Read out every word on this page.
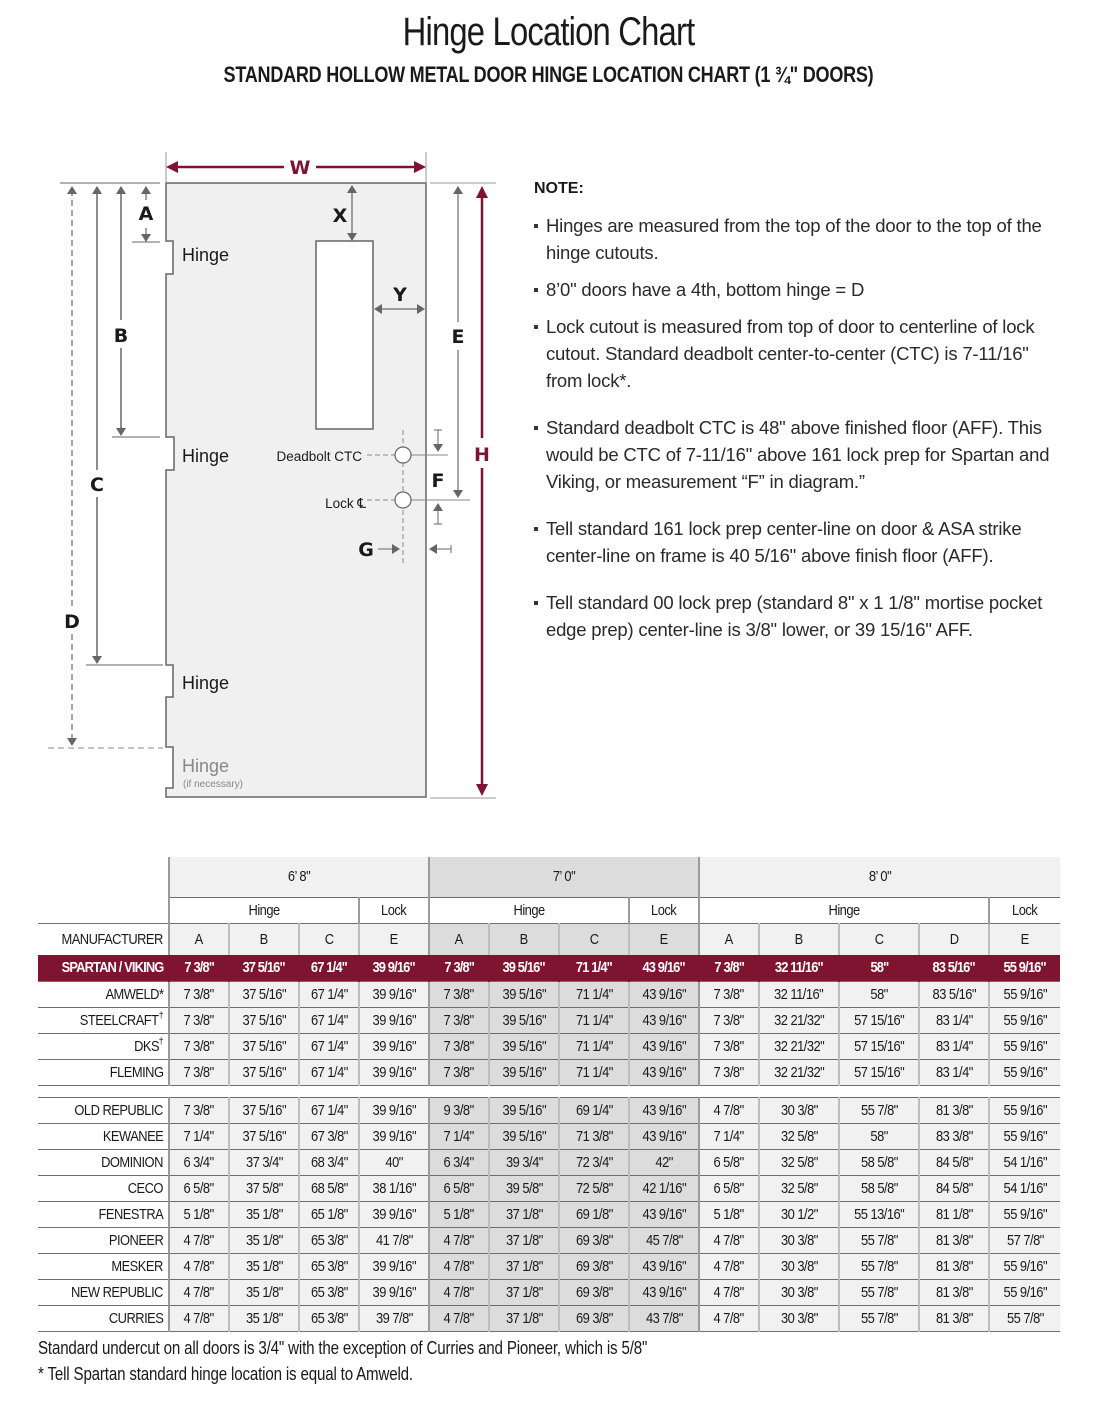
Hinge Location Chart
STANDARD HOLLOW METAL DOOR HINGE LOCATION CHART (1 ¾" DOORS)
W
A
B
C
D
X
Y
E
F
G
H
Hinge
Hinge
Hinge
Hinge
(if necessary)
Deadbolt CTC
Lock ℄
NOTE:
Hinges are measured from the top of the door to the top of the hinge cutouts.
8’0" doors have a 4th, bottom hinge = D
Lock cutout is measured from top of door to centerline of lock cutout. Standard deadbolt center-to-center (CTC) is 7-11/16" from lock*.
Standard deadbolt CTC is 48" above finished floor (AFF). This would be CTC of 7-11/16" above 161 lock prep for Spartan and Viking, or measurement “F” in diagram.”
Tell standard 161 lock prep center-line on door & ASA strike center-line on frame is 40 5/16" above finish floor (AFF).
Tell standard 00 lock prep (standard 8" x 1 1/8" mortise pocket edge prep) center-line is 3/8" lower, or 39 15/16" AFF.
	6’ 8"				7’ 0"				8’ 0"				
	Hinge			Lock	Hinge			Lock	Hinge				Lock
MANUFACTURER	A	B	C	E	A	B	C	E	A	B	C	D	E
SPARTAN / VIKING	7 3/8"	37 5/16"	67 1/4"	39 9/16"	7 3/8"	39 5/16"	71 1/4"	43 9/16"	7 3/8"	32 11/16"	58"	83 5/16"	55 9/16"
AMWELD*	7 3/8"	37 5/16"	67 1/4"	39 9/16"	7 3/8"	39 5/16"	71 1/4"	43 9/16"	7 3/8"	32 11/16"	58"	83 5/16"	55 9/16"
STEELCRAFT†	7 3/8"	37 5/16"	67 1/4"	39 9/16"	7 3/8"	39 5/16"	71 1/4"	43 9/16"	7 3/8"	32 21/32"	57 15/16"	83 1/4"	55 9/16"
DKS†	7 3/8"	37 5/16"	67 1/4"	39 9/16"	7 3/8"	39 5/16"	71 1/4"	43 9/16"	7 3/8"	32 21/32"	57 15/16"	83 1/4"	55 9/16"
FLEMING	7 3/8"	37 5/16"	67 1/4"	39 9/16"	7 3/8"	39 5/16"	71 1/4"	43 9/16"	7 3/8"	32 21/32"	57 15/16"	83 1/4"	55 9/16"

OLD REPUBLIC	7 3/8"	37 5/16"	67 1/4"	39 9/16"	9 3/8"	39 5/16"	69 1/4"	43 9/16"	4 7/8"	30 3/8"	55 7/8"	81 3/8"	55 9/16"
KEWANEE	7 1/4"	37 5/16"	67 3/8"	39 9/16"	7 1/4"	39 5/16"	71 3/8"	43 9/16"	7 1/4"	32 5/8"	58"	83 3/8"	55 9/16"
DOMINION	6 3/4"	37 3/4"	68 3/4"	40"	6 3/4"	39 3/4"	72 3/4"	42"	6 5/8"	32 5/8"	58 5/8"	84 5/8"	54 1/16"
CECO	6 5/8"	37 5/8"	68 5/8"	38 1/16"	6 5/8"	39 5/8"	72 5/8"	42 1/16"	6 5/8"	32 5/8"	58 5/8"	84 5/8"	54 1/16"
FENESTRA	5 1/8"	35 1/8"	65 1/8"	39 9/16"	5 1/8"	37 1/8"	69 1/8"	43 9/16"	5 1/8"	30 1/2"	55 13/16"	81 1/8"	55 9/16"
PIONEER	4 7/8"	35 1/8"	65 3/8"	41 7/8"	4 7/8"	37 1/8"	69 3/8"	45 7/8"	4 7/8"	30 3/8"	55 7/8"	81 3/8"	57 7/8"
MESKER	4 7/8"	35 1/8"	65 3/8"	39 9/16"	4 7/8"	37 1/8"	69 3/8"	43 9/16"	4 7/8"	30 3/8"	55 7/8"	81 3/8"	55 9/16"
NEW REPUBLIC	4 7/8"	35 1/8"	65 3/8"	39 9/16"	4 7/8"	37 1/8"	69 3/8"	43 9/16"	4 7/8"	30 3/8"	55 7/8"	81 3/8"	55 9/16"
CURRIES	4 7/8"	35 1/8"	65 3/8"	39 7/8"	4 7/8"	37 1/8"	69 3/8"	43 7/8"	4 7/8"	30 3/8"	55 7/8"	81 3/8"	55 7/8"
Standard undercut on all doors is 3/4" with the exception of Curries and Pioneer, which is 5/8"
* Tell Spartan standard hinge location is equal to Amweld.
